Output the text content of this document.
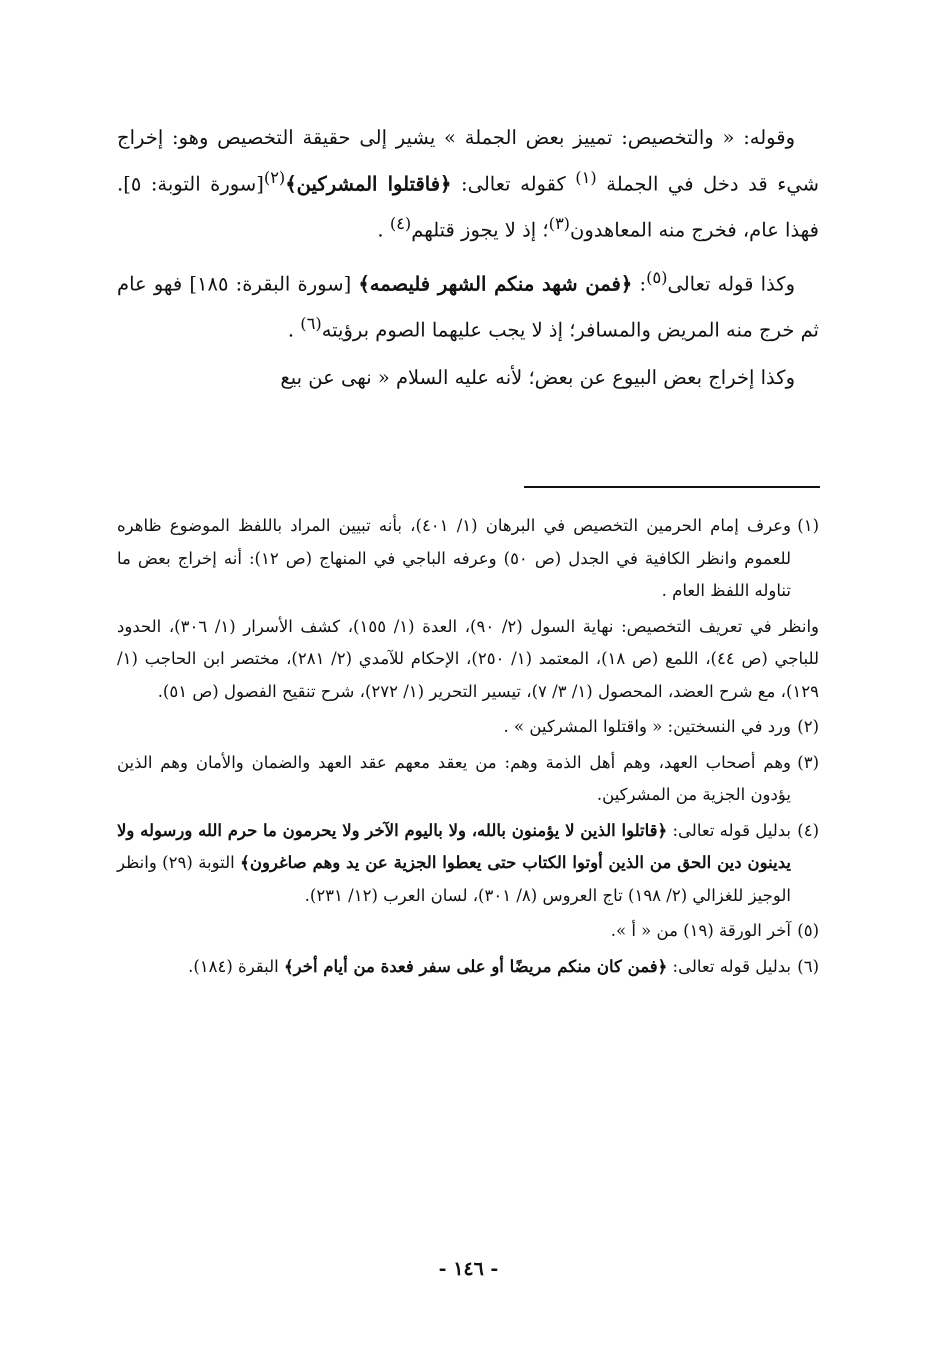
وقوله: « والتخصيص: تمييز بعض الجملة » يشير إلى حقيقة التخصيص وهو: إخراج شيء قد دخل في الجملة $^{(١)}$ كقوله تعالى: ﴿فاقتلوا المشركين﴾$^{(٢)}$[سورة التوبة: ٥]. فهذا عام، فخرج منه المعاهدون$^{(٣)}$؛ إذ لا يجوز قتلهم$^{(٤)}$ .

وكذا قوله تعالى$^{(٥)}$: ﴿فمن شهد منكم الشهر فليصمه﴾ [سورة البقرة: ١٨٥] فهو عام ثم خرج منه المريض والمسافر؛ إذ لا يجب عليهما الصوم برؤيته$^{(٦)}$ .

وكذا إخراج بعض البيوع عن بعض؛ لأنه عليه السلام « نهى عن بيع

(١)
وعرف إمام الحرمين التخصيص في البرهان (١/ ٤٠١)، بأنه تبيين المراد باللفظ الموضوع ظاهره للعموم وانظر الكافية في الجدل (ص ٥٠) وعرفه الباجي في المنهاج (ص ١٢): أنه إخراج بعض ما تناوله اللفظ العام .
وانظر في تعريف التخصيص: نهاية السول (٢/ ٩٠)، العدة (١/ ١٥٥)، كشف الأسرار (١/ ٣٠٦)، الحدود للباجي (ص ٤٤)، اللمع (ص ١٨)، المعتمد (١/ ٢٥٠)، الإحكام للآمدي (٢/ ٢٨١)، مختصر ابن الحاجب (١/ ١٢٩)، مع شرح العضد، المحصول (١/ ٣/ ٧)، تيسير التحرير (١/ ٢٧٢)، شرح تنقيح الفصول (ص ٥١).
(٢)
ورد في النسختين: « واقتلوا المشركين » .
(٣)
وهم أصحاب العهد، وهم أهل الذمة وهم: من يعقد معهم عقد العهد والضمان والأمان وهم الذين يؤدون الجزية من المشركين.
(٤)
بدليل قوله تعالى: ﴿قاتلوا الذين لا يؤمنون بالله، ولا باليوم الآخر ولا يحرمون ما حرم الله ورسوله ولا يدينون دين الحق من الذين أوتوا الكتاب حتى يعطوا الجزية عن يد وهم صاغرون﴾ التوبة (٢٩) وانظر الوجيز للغزالي (٢/ ١٩٨) تاج العروس (٨/ ٣٠١)، لسان العرب (١٢/ ٢٣١).
(٥)
آخر الورقة (١٩) من « أ ».
(٦)
بدليل قوله تعالى: ﴿فمن كان منكم مريضًا أو على سفر فعدة من أيام أخر﴾ البقرة (١٨٤).
- ١٤٦ -
